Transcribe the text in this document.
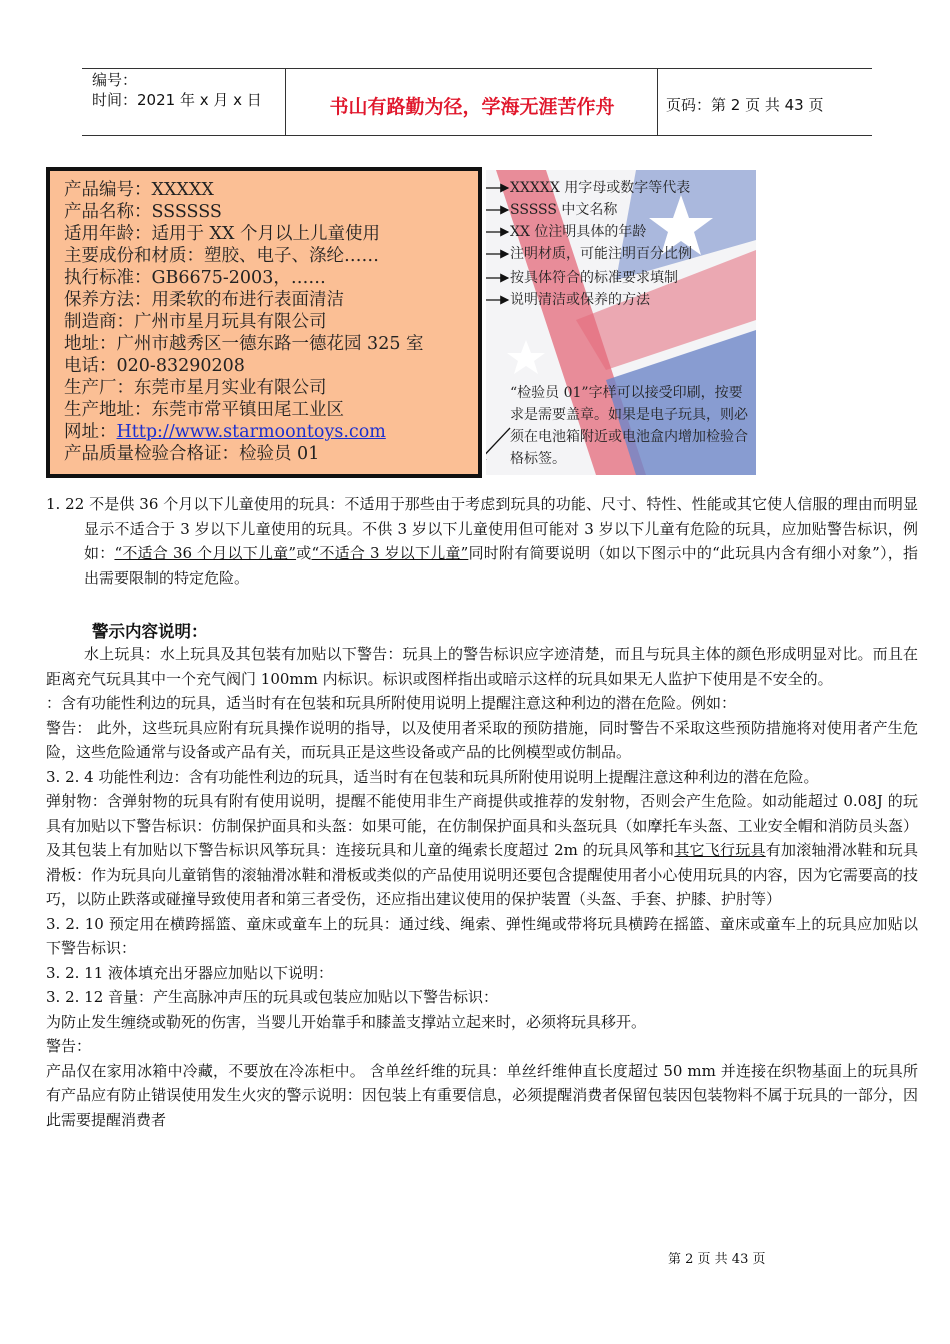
编号：
时间：2021 年 x 月 x 日	书山有路勤为径，学海无涯苦作舟	页码：第 2 页 共 43 页
产品编号：XXXXX
产品名称：SSSSSS
适用年龄：适用于 XX 个月以上儿童使用
主要成份和材质：塑胶、电子、涤纶……
执行标准：GB6675-2003，……
保养方法：用柔软的布进行表面清洁
制造商：广州市星月玩具有限公司
地址：广州市越秀区一德东路一德花园 325 室
电话：020-83290208
生产厂：东莞市星月实业有限公司
生产地址：东莞市常平镇田尾工业区
网址：Http://www.starmoontoys.com
产品质量检验合格证：检验员 01
XXXXX 用字母或数字等代表
SSSSS 中文名称
XX 位注明具体的年龄
注明材质，可能注明百分比例
按具体符合的标准要求填制
说明清洁或保养的方法
“检验员 01”字样可以接受印刷，按要求是需要盖章。如果是电子玩具，则必须在电池箱附近或电池盒内增加检验合格标签。

1. 22 不是供 36 个月以下儿童使用的玩具：不适用于那些由于考虑到玩具的功能、尺寸、特性、性能或其它使人信服的理由而明显显示不适合于 3 岁以下儿童使用的玩具。不供 3 岁以下儿童使用但可能对 3 岁以下儿童有危险的玩具，应加贴警告标识，例如：“不适合 36 个月以下儿童”或“不适合 3 岁以下儿童”同时附有简要说明（如以下图示中的“此玩具内含有细小对象”），指出需要限制的特定危险。

警示内容说明：

水上玩具：水上玩具及其包装有加贴以下警告：玩具上的警告标识应字迹清楚，而且与玩具主体的颜色形成明显对比。而且在距离充气玩具其中一个充气阀门 100mm 内标识。标识或图样指出或暗示这样的玩具如果无人监护下使用是不安全的。

：含有功能性利边的玩具，适当时有在包装和玩具所附使用说明上提醒注意这种利边的潜在危险。例如：

警告： 此外，这些玩具应附有玩具操作说明的指导，以及使用者采取的预防措施，同时警告不采取这些预防措施将对使用者产生危险，这些危险通常与设备或产品有关，而玩具正是这些设备或产品的比例模型或仿制品。

3. 2. 4 功能性利边：含有功能性利边的玩具，适当时有在包装和玩具所附使用说明上提醒注意这种利边的潜在危险。

弹射物：含弹射物的玩具有附有使用说明，提醒不能使用非生产商提供或推荐的发射物，否则会产生危险。如动能超过 0.08J 的玩具有加贴以下警告标识：仿制保护面具和头盔：如果可能，在仿制保护面具和头盔玩具（如摩托车头盔、工业安全帽和消防员头盔）及其包装上有加贴以下警告标识风筝玩具：连接玩具和儿童的绳索长度超过 2m 的玩具风筝和其它飞行玩具有加滚轴滑冰鞋和玩具滑板：作为玩具向儿童销售的滚轴滑冰鞋和滑板或类似的产品使用说明还要包含提醒使用者小心使用玩具的内容，因为它需要高的技巧，以防止跌落或碰撞导致使用者和第三者受伤，还应指出建议使用的保护装置（头盔、手套、护膝、护肘等）

3. 2. 10 预定用在横跨摇篮、童床或童车上的玩具：通过线、绳索、弹性绳或带将玩具横跨在摇篮、童床或童车上的玩具应加贴以下警告标识：

3. 2. 11 液体填充出牙器应加贴以下说明：

3. 2. 12 音量：产生高脉冲声压的玩具或包装应加贴以下警告标识：

为防止发生缠绕或勒死的伤害，当婴儿开始靠手和膝盖支撑站立起来时，必须将玩具移开。

警告：

产品仅在家用冰箱中冷藏，不要放在冷冻柜中。 含单丝纤维的玩具：单丝纤维伸直长度超过 50 mm 并连接在织物基面上的玩具所有产品应有防止错误使用发生火灾的警示说明：因包装上有重要信息，必须提醒消费者保留包装因包装物料不属于玩具的一部分，因此需要提醒消费者

第 2 页 共 43 页
